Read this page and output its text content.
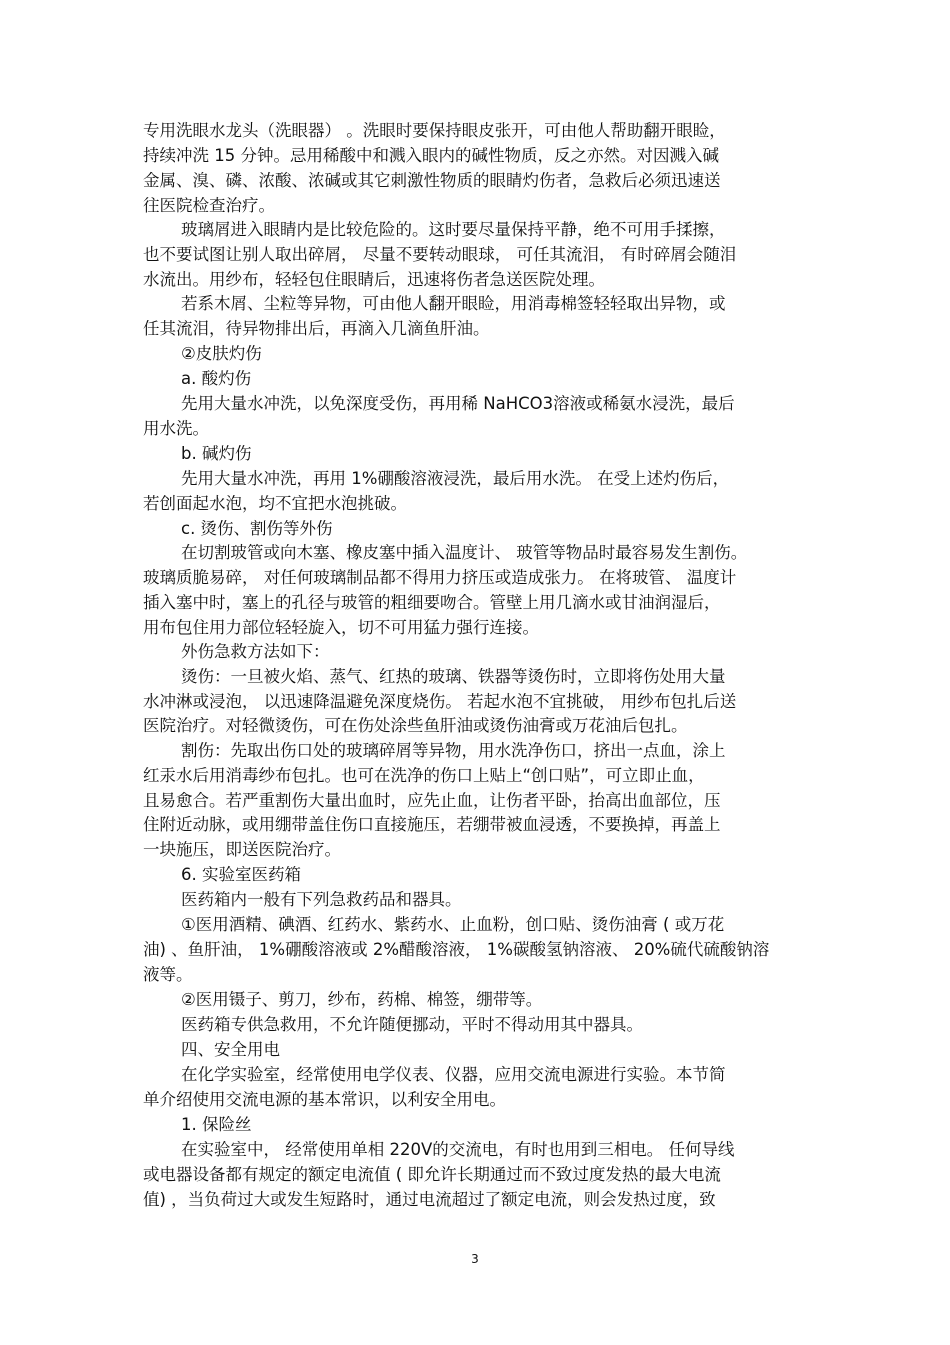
专用洗眼水龙头（洗眼器） 。洗眼时要保持眼皮张开，可由他人帮助翻开眼睑，
持续冲洗 15 分钟。忌用稀酸中和溅入眼内的碱性物质，反之亦然。对因溅入碱
金属、溴、磷、浓酸、浓碱或其它刺激性物质的眼睛灼伤者，急救后必须迅速送
往医院检查治疗。
玻璃屑进入眼睛内是比较危险的。这时要尽量保持平静，绝不可用手揉擦，
也不要试图让别人取出碎屑， 尽量不要转动眼球， 可任其流泪， 有时碎屑会随泪
水流出。用纱布，轻轻包住眼睛后，迅速将伤者急送医院处理。
若系木屑、尘粒等异物，可由他人翻开眼睑，用消毒棉签轻轻取出异物，或
任其流泪，待异物排出后，再滴入几滴鱼肝油。
②皮肤灼伤
a. 酸灼伤
先用大量水冲洗，以免深度受伤，再用稀 NaHCO3溶液或稀氨水浸洗，最后
用水洗。
b. 碱灼伤
先用大量水冲洗，再用 1%硼酸溶液浸洗，最后用水洗。 在受上述灼伤后，
若创面起水泡，均不宜把水泡挑破。
c. 烫伤、割伤等外伤
在切割玻管或向木塞、橡皮塞中插入温度计、 玻管等物品时最容易发生割伤。
玻璃质脆易碎， 对任何玻璃制品都不得用力挤压或造成张力。 在将玻管、 温度计
插入塞中时，塞上的孔径与玻管的粗细要吻合。管壁上用几滴水或甘油润湿后，
用布包住用力部位轻轻旋入，切不可用猛力强行连接。
外伤急救方法如下：
烫伤：一旦被火焰、蒸气、红热的玻璃、铁器等烫伤时，立即将伤处用大量
水冲淋或浸泡， 以迅速降温避免深度烧伤。 若起水泡不宜挑破， 用纱布包扎后送
医院治疗。对轻微烫伤，可在伤处涂些鱼肝油或烫伤油膏或万花油后包扎。
割伤：先取出伤口处的玻璃碎屑等异物，用水洗净伤口，挤出一点血，涂上
红汞水后用消毒纱布包扎。也可在洗净的伤口上贴上“创口贴”，可立即止血，
且易愈合。若严重割伤大量出血时，应先止血，让伤者平卧，抬高出血部位，压
住附近动脉，或用绷带盖住伤口直接施压，若绷带被血浸透，不要换掉，再盖上
一块施压，即送医院治疗。
6. 实验室医药箱
医药箱内一般有下列急救药品和器具。
①医用酒精、碘酒、红药水、紫药水、止血粉，创口贴、烫伤油膏 ( 或万花
油) 、鱼肝油， 1%硼酸溶液或 2%醋酸溶液， 1%碳酸氢钠溶液、 20%硫代硫酸钠溶
液等。
②医用镊子、剪刀，纱布，药棉、棉签，绷带等。
医药箱专供急救用，不允许随便挪动，平时不得动用其中器具。
四、安全用电
在化学实验室，经常使用电学仪表、仪器，应用交流电源进行实验。本节简
单介绍使用交流电源的基本常识，以利安全用电。
1. 保险丝
在实验室中， 经常使用单相 220V的交流电，有时也用到三相电。 任何导线
或电器设备都有规定的额定电流值 ( 即允许长期通过而不致过度发热的最大电流
值) ，当负荷过大或发生短路时，通过电流超过了额定电流，则会发热过度，致
3
